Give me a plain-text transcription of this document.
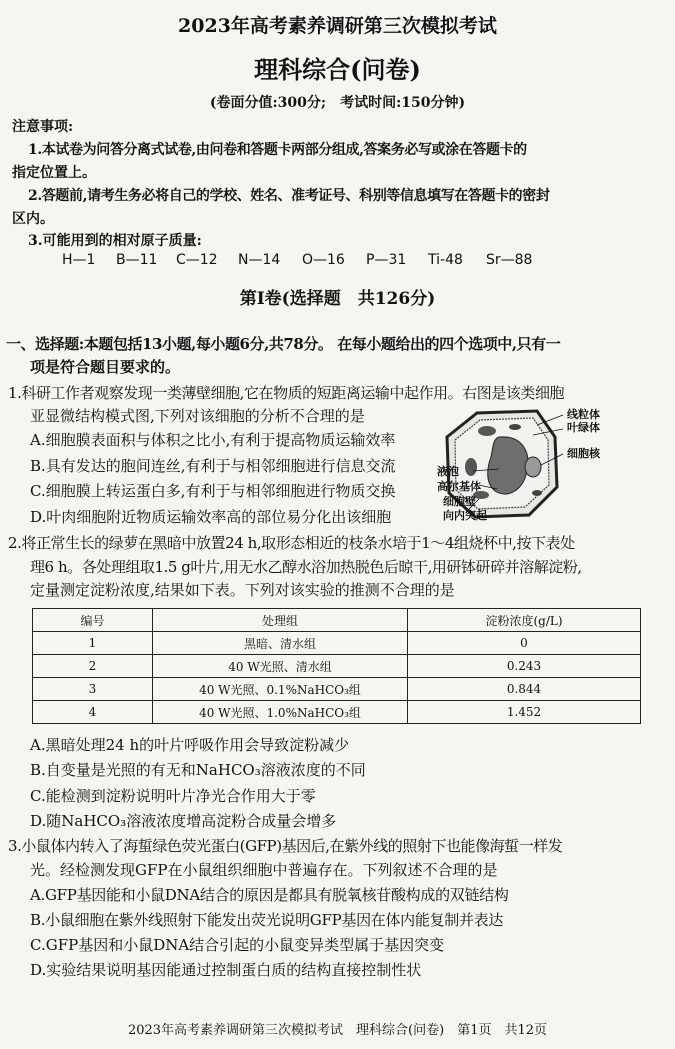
2023年高考素养调研第三次模拟考试
理科综合(问卷)
(卷面分值:300分;　考试时间:150分钟)
注意事项:
1.本试卷为问答分离式试卷,由问卷和答题卡两部分组成,答案务必写或涂在答题卡的
指定位置上。
2.答题前,请考生务必将自己的学校、姓名、准考证号、科别等信息填写在答题卡的密封
区内。
3.可能用到的相对原子质量:
H—1 B—11 C—12 N—14 O—16 P—31 Ti-48 Sr—88
第Ⅰ卷(选择题　共126分)
一、选择题:本题包括13小题,每小题6分,共78分。 在每小题给出的四个选项中,只有一
项是符合题目要求的。
1.科研工作者观察发现一类薄壁细胞,它在物质的短距离运输中起作用。右图是该类细胞
亚显微结构模式图,下列对该细胞的分析不合理的是
A.细胞膜表面积与体积之比小,有利于提高物质运输效率
B.具有发达的胞间连丝,有利于与相邻细胞进行信息交流
C.细胞膜上转运蛋白多,有利于与相邻细胞进行物质交换
D.叶肉细胞附近物质运输效率高的部位易分化出该细胞
线粒体
叶绿体
细胞核
液泡
高尔基体
细胞壁
向内突起
2.将正常生长的绿萝在黑暗中放置24 h,取形态相近的枝条水培于1～4组烧杯中,按下表处
理6 h。各处理组取1.5 g叶片,用无水乙醇水浴加热脱色后晾干,用研钵研碎并溶解淀粉,
定量测定淀粉浓度,结果如下表。下列对该实验的推测不合理的是
编号	处理组	淀粉浓度(g/L)
1	黑暗、清水组	0
2	40 W光照、清水组	0.243
3	40 W光照、0.1%NaHCO₃组	0.844
4	40 W光照、1.0%NaHCO₃组	1.452
A.黑暗处理24 h的叶片呼吸作用会导致淀粉减少
B.自变量是光照的有无和NaHCO₃溶液浓度的不同
C.能检测到淀粉说明叶片净光合作用大于零
D.随NaHCO₃溶液浓度增高淀粉合成量会增多
3.小鼠体内转入了海蜇绿色荧光蛋白(GFP)基因后,在紫外线的照射下也能像海蜇一样发
光。经检测发现GFP在小鼠组织细胞中普遍存在。下列叙述不合理的是
A.GFP基因能和小鼠DNA结合的原因是都具有脱氧核苷酸构成的双链结构
B.小鼠细胞在紫外线照射下能发出荧光说明GFP基因在体内能复制并表达
C.GFP基因和小鼠DNA结合引起的小鼠变异类型属于基因突变
D.实验结果说明基因能通过控制蛋白质的结构直接控制性状
2023年高考素养调研第三次模拟考试　理科综合(问卷)　第1页　共12页
